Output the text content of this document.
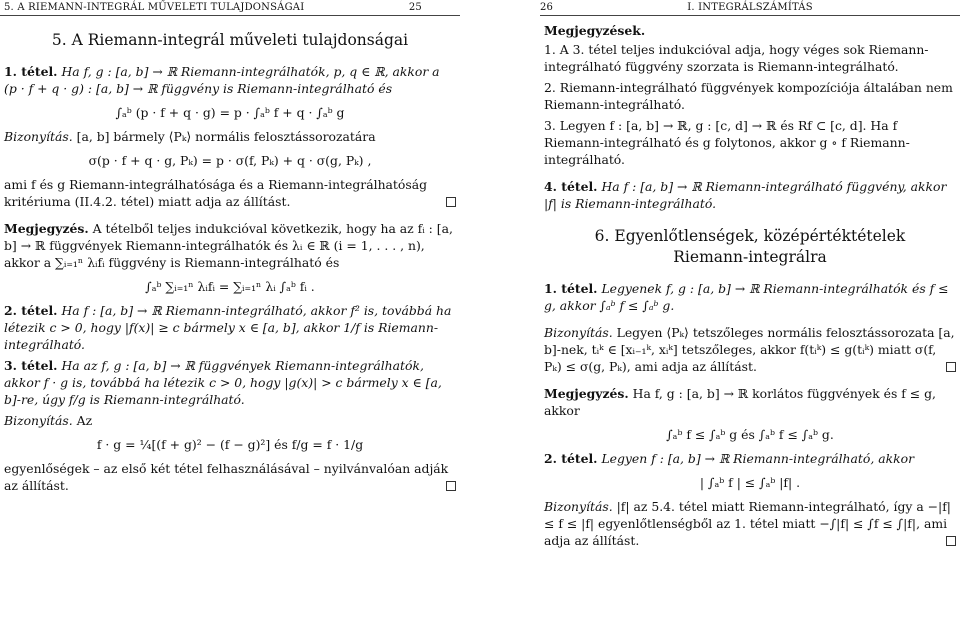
5. A RIEMANN-INTEGRÁL MŰVELETI TULAJDONSÁGAI	25
5. A Riemann-integrál műveleti tulajdonságai

1. tétel. Ha f, g : [a, b] → ℝ Riemann-integrálhatók, p, q ∈ ℝ, akkor a (p · f + q · g) : [a, b] → ℝ függvény is Riemann-integrálható és

∫ₐᵇ (p · f + q · g) = p · ∫ₐᵇ f + q · ∫ₐᵇ g

Bizonyítás. [a, b] bármely ⟨Pₖ⟩ normális felosztássorozatára

σ(p · f + q · g, Pₖ) = p · σ(f, Pₖ) + q · σ(g, Pₖ) ,

ami f és g Riemann-integrálhatósága és a Riemann-integrálhatóság kritériuma (II.4.2. tétel) miatt adja az állítást.

Megjegyzés. A tételből teljes indukcióval következik, hogy ha az fᵢ : [a, b] → ℝ függvények Riemann-integrálhatók és λᵢ ∈ ℝ (i = 1, . . . , n), akkor a ∑ᵢ₌₁ⁿ λᵢfᵢ függvény is Riemann-integrálható és

∫ₐᵇ ∑ᵢ₌₁ⁿ λᵢfᵢ = ∑ᵢ₌₁ⁿ λᵢ ∫ₐᵇ fᵢ .

2. tétel. Ha f : [a, b] → ℝ Riemann-integrálható, akkor f² is, továbbá ha létezik c > 0, hogy |f(x)| ≥ c bármely x ∈ [a, b], akkor 1/f is Riemann-integrálható.

3. tétel. Ha az f, g : [a, b] → ℝ függvények Riemann-integrálhatók, akkor f · g is, továbbá ha létezik c > 0, hogy |g(x)| > c bármely x ∈ [a, b]-re, úgy f/g is Riemann-integrálható.

Bizonyítás. Az

f · g = ¼[(f + g)² − (f − g)²] és f/g = f · 1/g

egyenlőségek – az első két tétel felhasználásával – nyilvánvalóan adják az állítást.

26	I. INTEGRÁLSZÁMÍTÁS

Megjegyzések.

1. A 3. tétel teljes indukcióval adja, hogy véges sok Riemann-integrálható függvény szorzata is Riemann-integrálható.

2. Riemann-integrálható függvények kompozíciója általában nem Riemann-integrálható.

3. Legyen f : [a, b] → ℝ, g : [c, d] → ℝ és Rf ⊂ [c, d]. Ha f Riemann-integrálható és g folytonos, akkor g ∘ f Riemann-integrálható.

4. tétel. Ha f : [a, b] → ℝ Riemann-integrálható függvény, akkor |f| is Riemann-integrálható.

6. Egyenlőtlenségek, középértéktételek
Riemann-integrálra

1. tétel. Legyenek f, g : [a, b] → ℝ Riemann-integrálhatók és f ≤ g, akkor ∫ₐᵇ f ≤ ∫ₐᵇ g.

Bizonyítás. Legyen ⟨Pₖ⟩ tetszőleges normális felosztássorozata [a, b]-nek, tᵢᵏ ∈ [xᵢ₋₁ᵏ, xᵢᵏ] tetszőleges, akkor f(tᵢᵏ) ≤ g(tᵢᵏ) miatt σ(f, Pₖ) ≤ σ(g, Pₖ), ami adja az állítást.

Megjegyzés. Ha f, g : [a, b] → ℝ korlátos függvények és f ≤ g, akkor

∫ₐᵇ f ≤ ∫ₐᵇ g és ∫ₐᵇ f ≤ ∫ₐᵇ g.

2. tétel. Legyen f : [a, b] → ℝ Riemann-integrálható, akkor

| ∫ₐᵇ f | ≤ ∫ₐᵇ |f| .

Bizonyítás. |f| az 5.4. tétel miatt Riemann-integrálható, így a −|f| ≤ f ≤ |f| egyenlőtlenségből az 1. tétel miatt −∫|f| ≤ ∫f ≤ ∫|f|, ami adja az állítást.
